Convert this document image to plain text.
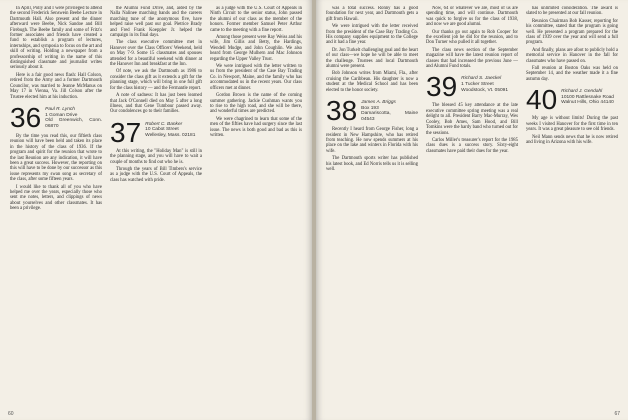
In April, Polly and I were privileged to attend the second Frederick Senswein Beebe Lecture in Dartmouth Hall. Also present and the dinner afterward were Beebe, Nick Sandoe and Bill Firebugh. The Beebe family and some of Fritz's former associates and friends have created a fund to establish a program of lectures, internships, and symposia to focus on the art and skill of writing. Holding a newspaper from a professorship of writing in the name of this distinguished classmate and journalist writes seriously about it.

Here is a fair good news flash: Hall Colson, retired from the Army and a former Dartmouth Councilor, was married to Jeanne McManus on May 17 in Vienna, Va. Jill Colson after the Trustee elected him at his induction.

36 Paul R. Lynch
1 Goman Drive
Old Greenwich, Conn. 06870

By the time you read this, our fiftieth class reunion will have been held and taken its place in the history of the class of 1936. If the program and spirit for the reunion that wrote to the last Reunion are any indication, it will have been a great success. However, the reporting on this will have to be done by our successor as this issue represents my swan song as secretary of the class, after some fifteen years.

I would like to thank all of you who have helped me over the years, especially those who sent me notes, letters, and clippings of news about yourselves and other classmates. It has been a privilege.

the Alumni Fund Drive, and, aided by the Nalla Nalinee marching bands and the careers marching tune of the anonymous five, have helped raise well past our goal. Pietrice Brady and Fred Frank Koeppler Jr. helped the campaign in its final days.

The class executive committee met in Hanover over the Class Officers' Weekend, held on May 7-9. Some 15 classmates and spouses attended for a beautiful weekend with dinner at the Hanover Inn and breakfast at the Inn.

Of note, we ask the Dartmouth as 1986 to consider the class gift as it extends a gift for the planning stage, which will bring in one full gift for the class history — and the Fermantle report.

A note of sadness: It has just been learned that Jack O'Connell died on May 5 after a long illness, and that Gene Tumbour passed away. Our condolences go to their families.

37 Robert C. Banker
10 Cabot Street
Wellesley, Mass. 02181

At this writing, the "Holiday Man" is still in the planning stage, and you will have to wait a couple of months to find out who he is.

Through the years of Bill Timbers's service as a judge with the U.S. Court of Appeals, the class has watched with pride.

as a judge with the U.S. Court of Appeals in Ninth Circuit to the senior status, John passed the alumni of our class as the member of the honors. Former member Samuel Peter Arthur came to the meeting with a fine report.

Among those present were Ray Weiss and his wife, Jim Gillis and Betty, the Hardings, Wendell Mudge, and John Coughlin. We also heard from George Mulhern and Mac Johnson regarding the Upper Valley Trust.

We were intrigued with the letter written to us from the president of the Case Bay Trading Co. in Newport, Maine, and the family who has accommodated us in the recent years. Our class officers met at dinner.

Gordon Brown is the name of the coming summer gathering. Jackie Cushman wants you to rise to the high road, and she will be there, and wonderful times are predicted.

We were chagrined to learn that some of the men of the fifties have had surgery since the last issue. The news is both good and bad as this is written.

60

was a total success. Ronny has a good foundation for next year, and Dartmouth gets a gift from Hawaii.

We were intrigued with the letter received from the president of the Case Bay Trading Co. His company supplies equipment to the College and it had a fine year.

Dr. Jon Turkelt challenging goal and the heart of our class—we hope he will be able to meet the challenge. Trustees and local Dartmouth alumni were present.

Bob Johnson writes from Miami, Fla., after cruising the Caribbean. His daughter is now a student at the Medical School and has been elected to the honor society.

38 James A. Briggs
Box 193
Damariscotta, Maine 04543

Recently I heard from George Fisher, long a resident in New Hampshire, who has retired from teaching. He now spends summers at his place on the lake and winters in Florida with his wife.

The Dartmouth sports writer has published his latest book, and Ed Norris tells us it is selling well.

Now, 64 or whatever we are, most of us are spending time, and will continue. Dartmouth was quick to forgive us for the class of 1938, and now we are good alumni.

Our thanks go out again to Rob Cooper for the excellent job he did for the reunion, and to Don Turner who pulled it all together.

The class news section of the September magazine will have the latest reunion report of classes that had increased the previous June — and Alumni Fund totals.

39 Richard S. Jaeckel
1 Tucker Street
Woodstock, Vt. 05091

The blessed 45 key attendance at the late executive committee spring meeting was a real delight to all. President Barry Mac-Murray, Wes Cooley, Bob Ames, Sam Hood, and Bill Tomkins were the hardy band who turned out for the sessions.

Carlos Miller's treasurer's report for the 1985 class dues is a success story. Sixty-eight classmates have paid their dues for the year.

has unlimited consideration. The award is slated to be presented at our fall reunion.

Reunion Chairman Bob Kasser, reporting for his committee, stated that the program is going well. He presented a program prepared for the class of 1939 over the year and will send a full program.

And finally, plans are afoot to publicly hold a memorial service in Hanover in the fall for classmates who have passed on.

Fall reunion at Boston Oaks was held on September 14, and the weather made it a fine autumn day.

40 Richard J. Gendahl
10100 Rattlesnake Road
Walnut Hills, Ohio 44140

My age is without limits! During the past weeks I visited Hanover for the first time in ten years. It was a great pleasure to see old friends.

Neil Mann sends news that he is now retired and living in Arizona with his wife.

67
